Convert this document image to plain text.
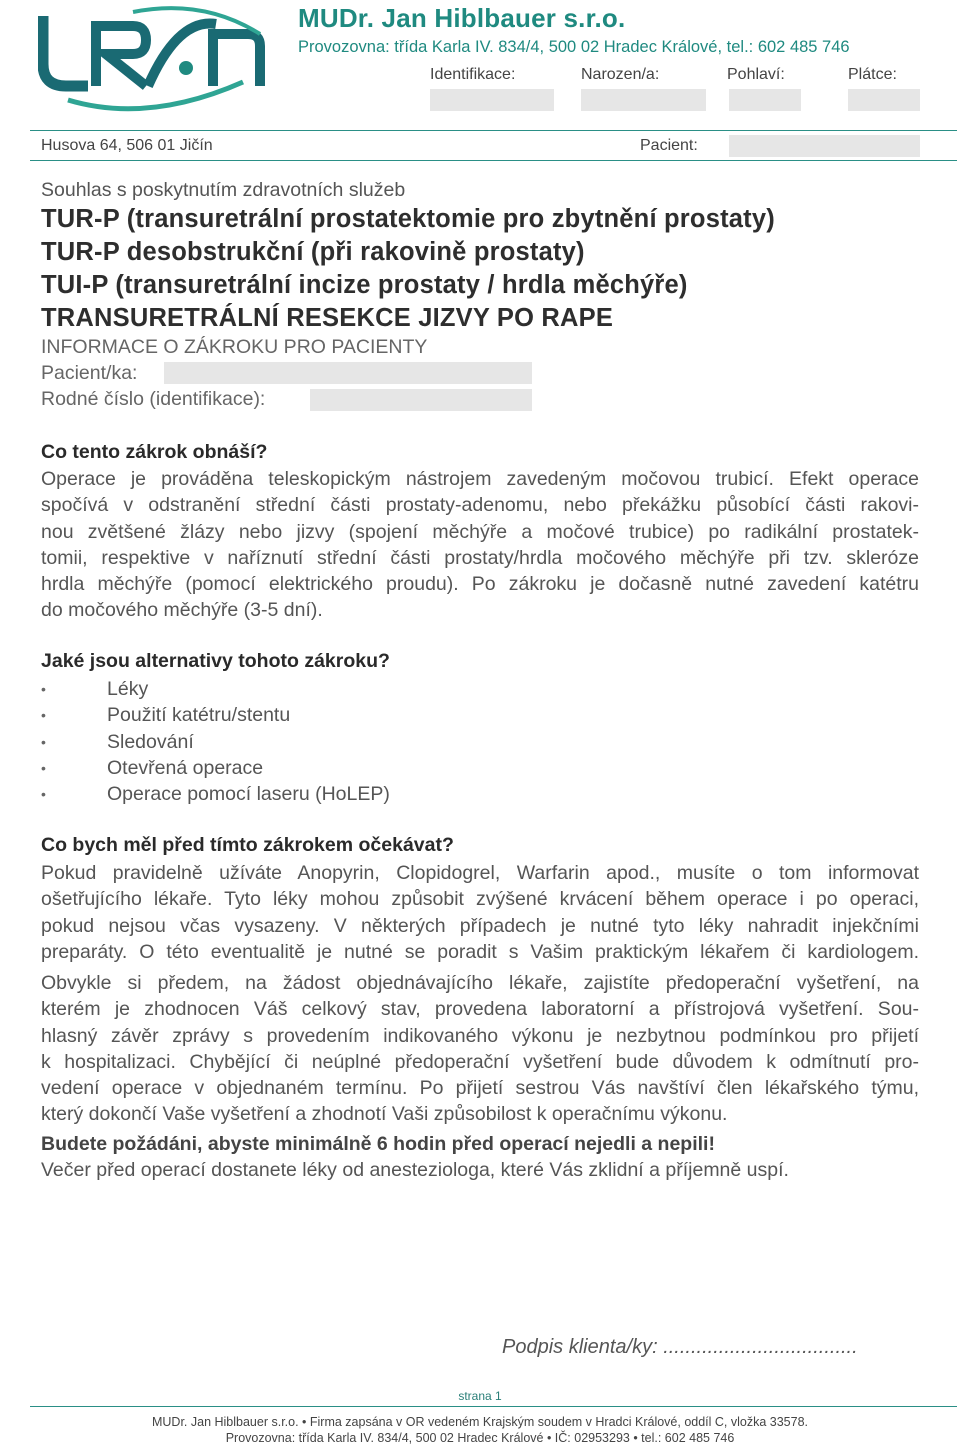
MUDr. Jan Hiblbauer s.r.o.
Provozovna: třída Karla IV. 834/4, 500 02 Hradec Králové, tel.: 602 485 746
Identifikace:	Narozen/a:	Pohlaví:	Plátce:
Husova 64, 506 01 Jičín	Pacient:
Souhlas s poskytnutím zdravotních služeb
TUR-P (transuretrální prostatektomie pro zbytnění prostaty)
TUR-P desobstrukční (při rakovině prostaty)
TUI-P (transuretrální incize prostaty / hrdla měchýře)
TRANSURETRÁLNÍ RESEKCE JIZVY PO RAPE
INFORMACE O ZÁKROKU PRO PACIENTY
Pacient/ka:
Rodné číslo (identifikace):
Co tento zákrok obnáší?
Operace je prováděna teleskopickým nástrojem zavedeným močovou trubicí. Efekt operace
spočívá v odstranění střední části prostaty-adenomu, nebo překážku působící části rakovi-
nou zvětšené žlázy nebo jizvy (spojení měchýře a močové trubice) po radikální prostatek-
tomii, respektive v naříznutí střední části prostaty/hrdla močového měchýře při tzv. skleróze
hrdla měchýře (pomocí elektrického proudu). Po zákroku je dočasně nutné zavedení katétru
do močového měchýře (3-5 dní).
Jaké jsou alternativy tohoto zákroku?
•	Léky
•	Použití katétru/stentu
•	Sledování
•	Otevřená operace
•	Operace pomocí laseru (HoLEP)
Co bych měl před tímto zákrokem očekávat?
Pokud pravidelně užíváte Anopyrin, Clopidogrel, Warfarin apod., musíte o tom informovat
ošetřujícího lékaře. Tyto léky mohou způsobit zvýšené krvácení během operace i po operaci,
pokud nejsou včas vysazeny. V některých případech je nutné tyto léky nahradit injekčními
preparáty. O této eventualitě je nutné se poradit s Vašim praktickým lékařem či kardiologem.
Obvykle si předem, na žádost objednávajícího lékaře, zajistíte předoperační vyšetření, na
kterém je zhodnocen Váš celkový stav, provedena laboratorní a přístrojová vyšetření. Sou-
hlasný závěr zprávy s provedením indikovaného výkonu je nezbytnou podmínkou pro přijetí
k hospitalizaci. Chybějící či neúplné předoperační vyšetření bude důvodem k odmítnutí pro-
vedení operace v objednaném termínu. Po přijetí sestrou Vás navštíví člen lékařského týmu,
který dokončí Vaše vyšetření a zhodnotí Vaši způsobilost k operačnímu výkonu.
Budete požádáni, abyste minimálně 6 hodin před operací nejedli a nepili!
Večer před operací dostanete léky od anesteziologa, které Vás zklidní a příjemně uspí.
Podpis klienta/ky: ...................................
strana 1
MUDr. Jan Hiblbauer s.r.o. • Firma zapsána v OR vedeném Krajským soudem v Hradci Králové, oddíl C, vložka 33578.
Provozovna: třída Karla IV. 834/4, 500 02 Hradec Králové • IČ: 02953293 • tel.: 602 485 746
